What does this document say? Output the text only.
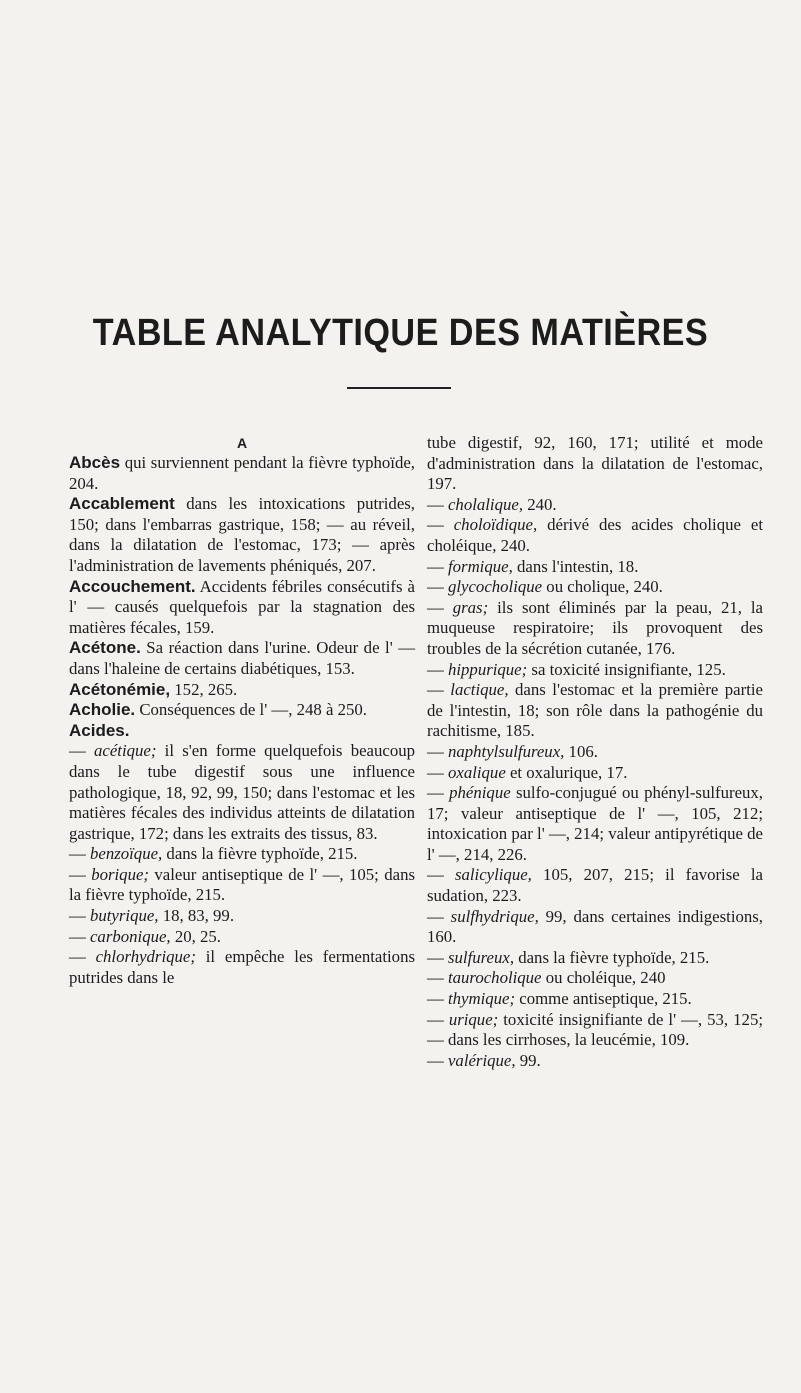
TABLE ANALYTIQUE DES MATIÈRES
A
Abcès qui surviennent pendant la fièvre typhoïde, 204.
Accablement dans les intoxications putrides, 150; dans l'embarras gastrique, 158; — au réveil, dans la dilatation de l'estomac, 173; — après l'administration de lavements phéniqués, 207.
Accouchement. Accidents fébriles consécutifs à l' — causés quelquefois par la stagnation des matières fécales, 159.
Acétone. Sa réaction dans l'urine. Odeur de l' — dans l'haleine de certains diabétiques, 153.
Acétonémie, 152, 265.
Acholie. Conséquences de l' —, 248 à 250.
Acides.
— acétique; il s'en forme quelquefois beaucoup dans le tube digestif sous une influence pathologique, 18, 92, 99, 150; dans l'estomac et les matières fécales des individus atteints de dilatation gastrique, 172; dans les extraits des tissus, 83.
— benzoïque, dans la fièvre typhoïde, 215.
— borique; valeur antiseptique de l' —, 105; dans la fièvre typhoïde, 215.
— butyrique, 18, 83, 99.
— carbonique, 20, 25.
— chlorhydrique; il empêche les fermentations putrides dans le
tube digestif, 92, 160, 171; utilité et mode d'administration dans la dilatation de l'estomac, 197.
— cholalique, 240.
— choloïdique, dérivé des acides cholique et choléique, 240.
— formique, dans l'intestin, 18.
— glycocholique ou cholique, 240.
— gras; ils sont éliminés par la peau, 21, la muqueuse respiratoire; ils provoquent des troubles de la sécrétion cutanée, 176.
— hippurique; sa toxicité insignifiante, 125.
— lactique, dans l'estomac et la première partie de l'intestin, 18; son rôle dans la pathogénie du rachitisme, 185.
— naphtylsulfureux, 106.
— oxalique et oxalurique, 17.
— phénique sulfo-conjugué ou phényl-sulfureux, 17; valeur antiseptique de l' —, 105, 212; intoxication par l' —, 214; valeur antipyrétique de l' —, 214, 226.
— salicylique, 105, 207, 215; il favorise la sudation, 223.
— sulfhydrique, 99, dans certaines indigestions, 160.
— sulfureux, dans la fièvre typhoïde, 215.
— taurocholique ou choléique, 240
— thymique; comme antiseptique, 215.
— urique; toxicité insignifiante de l' —, 53, 125; — dans les cirrhoses, la leucémie, 109.
— valérique, 99.
